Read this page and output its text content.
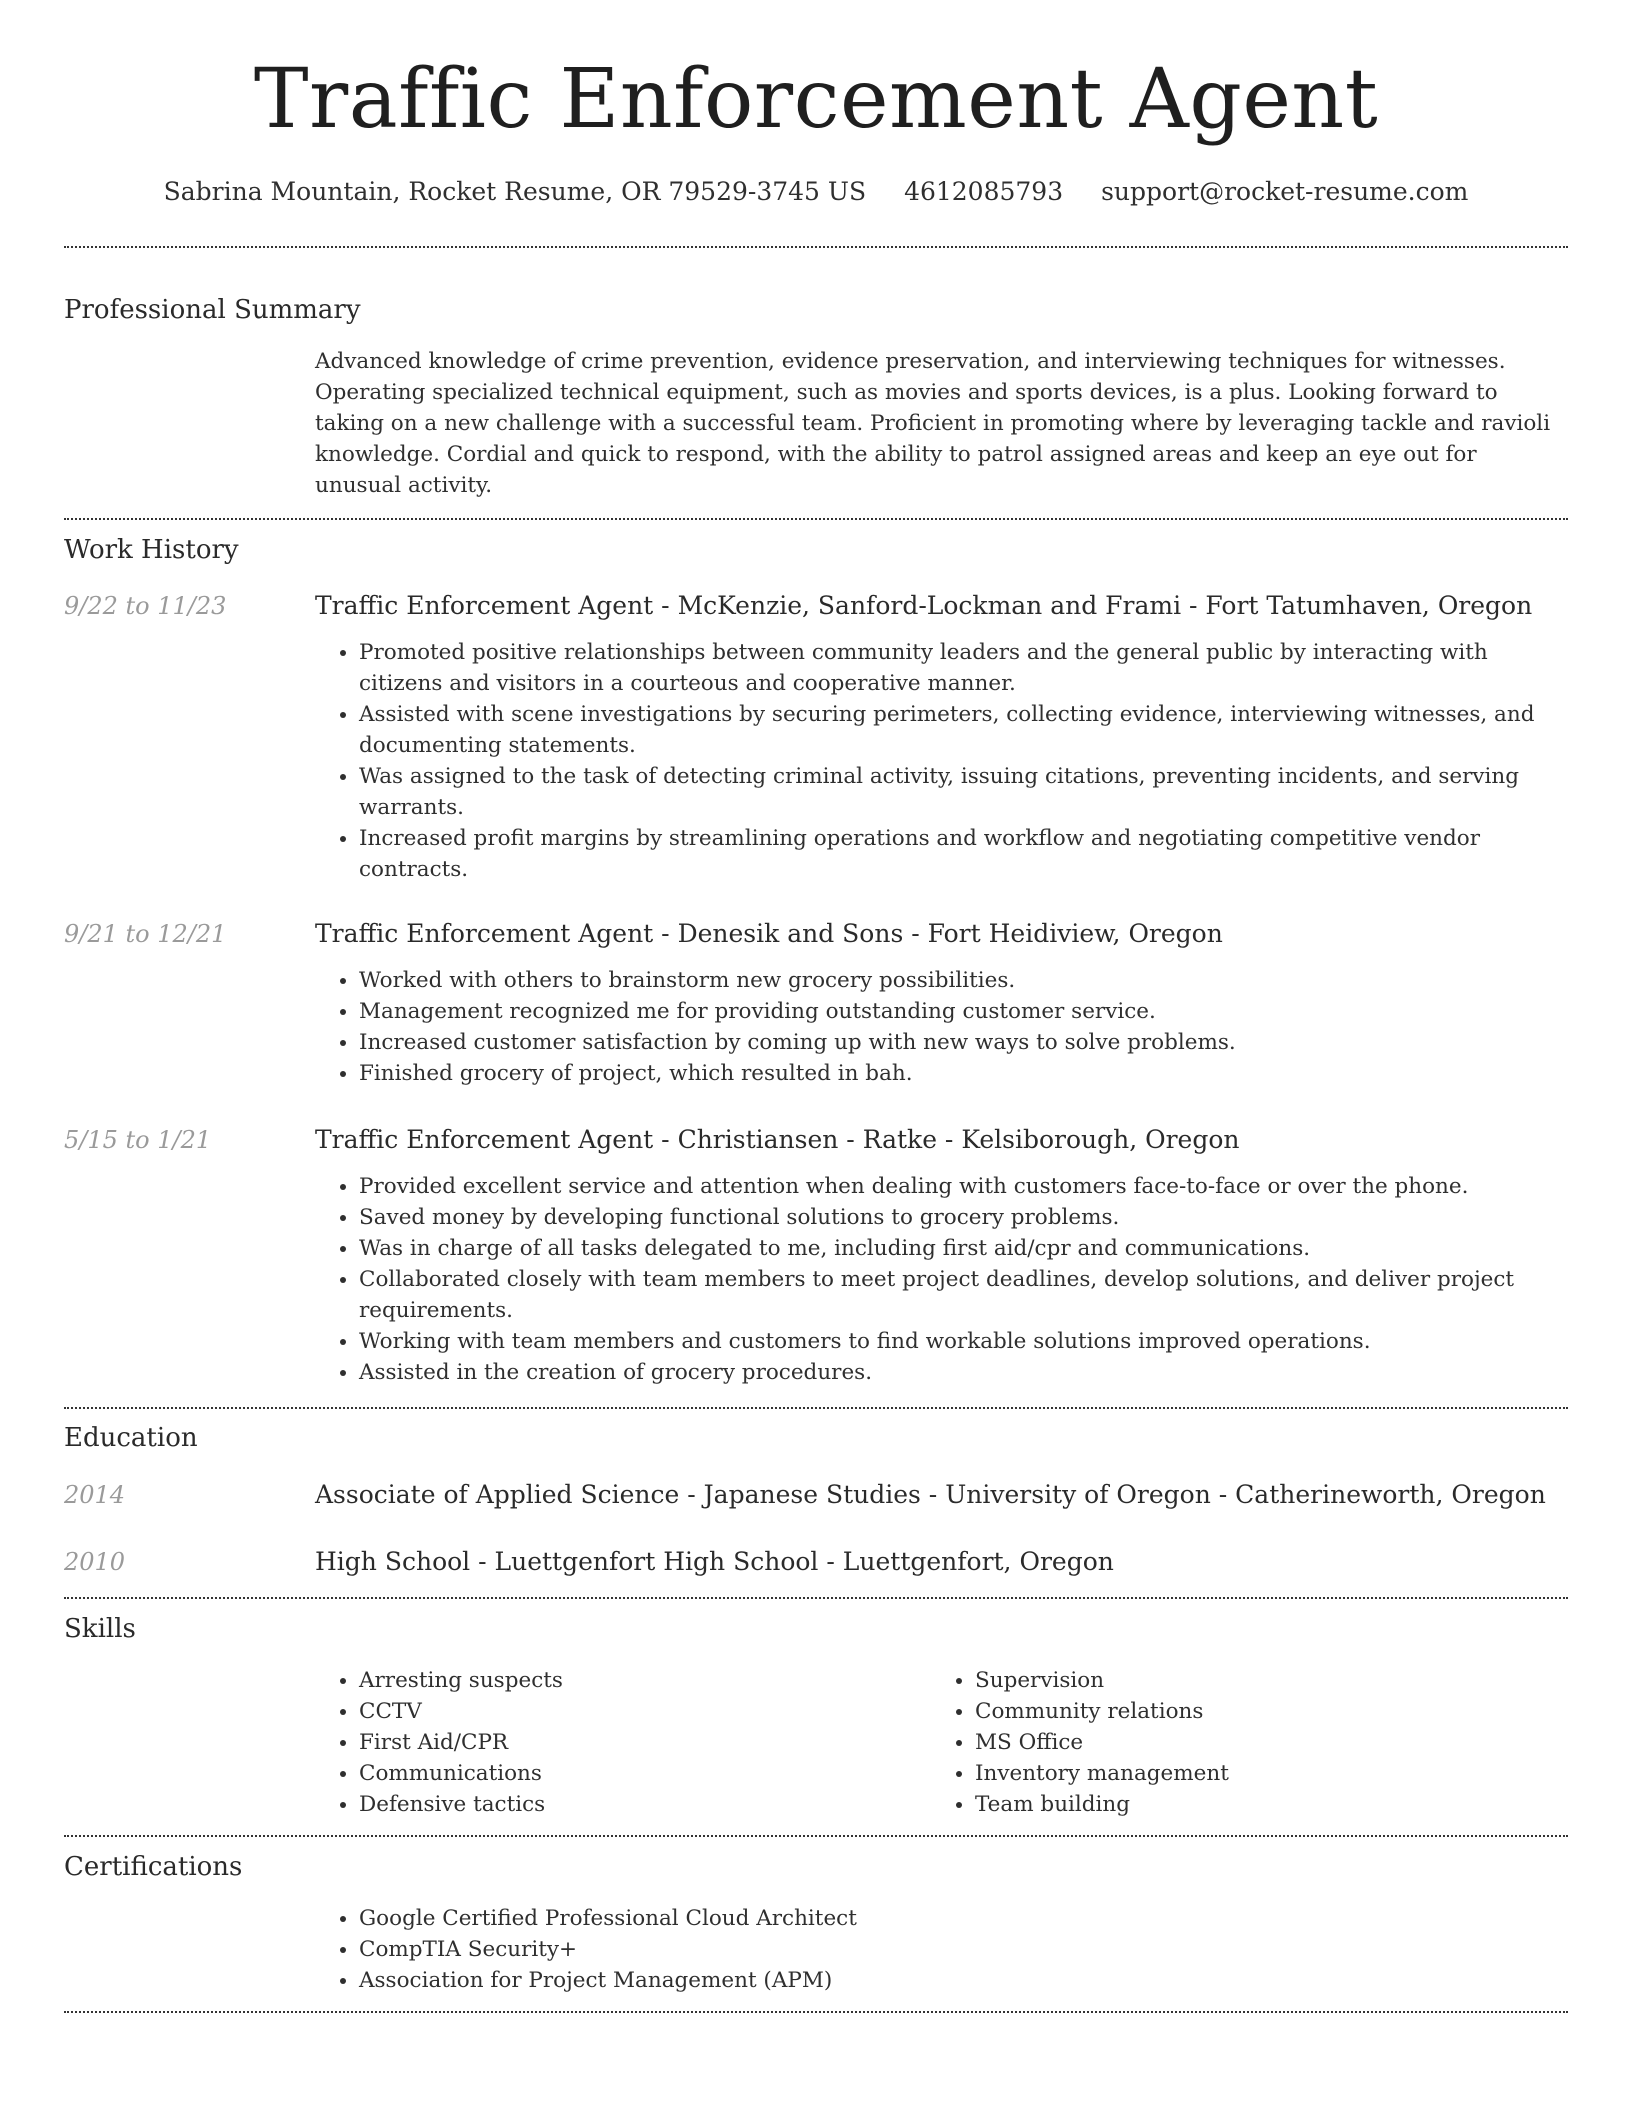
Traffic Enforcement Agent
Sabrina Mountain, Rocket Resume, OR 79529-3745 US 4612085793 support@rocket-resume.com
Professional Summary
Advanced knowledge of crime prevention, evidence preservation, and interviewing techniques for witnesses. Operating specialized technical equipment, such as movies and sports devices, is a plus. Looking forward to taking on a new challenge with a successful team. Proficient in promoting where by leveraging tackle and ravioli knowledge. Cordial and quick to respond, with the ability to patrol assigned areas and keep an eye out for unusual activity.
Work History
9/22 to 11/23	Traffic Enforcement Agent - McKenzie, Sanford-Lockman and Frami - Fort Tatumhaven, Oregon
• Promoted positive relationships between community leaders and the general public by interacting with citizens and visitors in a courteous and cooperative manner.
• Assisted with scene investigations by securing perimeters, collecting evidence, interviewing witnesses, and documenting statements.
• Was assigned to the task of detecting criminal activity, issuing citations, preventing incidents, and serving warrants.
• Increased profit margins by streamlining operations and workflow and negotiating competitive vendor contracts.
9/21 to 12/21	Traffic Enforcement Agent - Denesik and Sons - Fort Heidiview, Oregon
• Worked with others to brainstorm new grocery possibilities.
• Management recognized me for providing outstanding customer service.
• Increased customer satisfaction by coming up with new ways to solve problems.
• Finished grocery of project, which resulted in bah.
5/15 to 1/21	Traffic Enforcement Agent - Christiansen - Ratke - Kelsiborough, Oregon
• Provided excellent service and attention when dealing with customers face-to-face or over the phone.
• Saved money by developing functional solutions to grocery problems.
• Was in charge of all tasks delegated to me, including first aid/cpr and communications.
• Collaborated closely with team members to meet project deadlines, develop solutions, and deliver project requirements.
• Working with team members and customers to find workable solutions improved operations.
• Assisted in the creation of grocery procedures.
Education
2014	Associate of Applied Science - Japanese Studies - University of Oregon - Catherineworth, Oregon
2010	High School - Luettgenfort High School - Luettgenfort, Oregon
Skills
• Arresting suspects
• CCTV
• First Aid/CPR
• Communications
• Defensive tactics
• Supervision
• Community relations
• MS Office
• Inventory management
• Team building
Certifications
• Google Certified Professional Cloud Architect
• CompTIA Security+
• Association for Project Management (APM)
